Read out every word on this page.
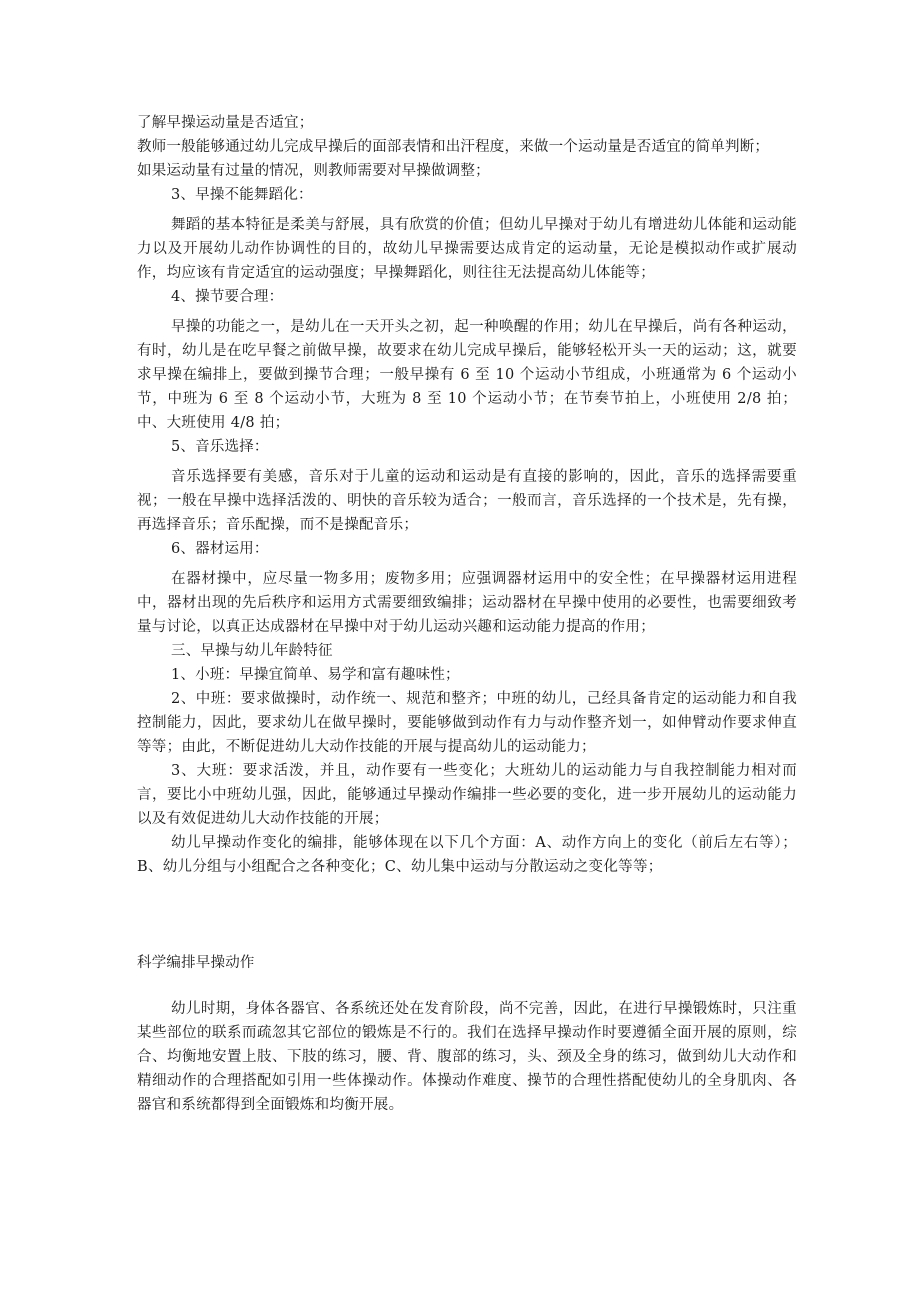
了解早操运动量是否适宜；
教师一般能够通过幼儿完成早操后的面部表情和出汗程度，来做一个运动量是否适宜的简单判断；
如果运动量有过量的情况，则教师需要对早操做调整；
3、早操不能舞蹈化：

舞蹈的基本特征是柔美与舒展，具有欣赏的价值；但幼儿早操对于幼儿有增进幼儿体能和运动能力以及开展幼儿动作协调性的目的，故幼儿早操需要达成肯定的运动量，无论是模拟动作或扩展动作，均应该有肯定适宜的运动强度；早操舞蹈化，则往往无法提高幼儿体能等；

4、操节要合理：

早操的功能之一，是幼儿在一天开头之初，起一种唤醒的作用；幼儿在早操后，尚有各种运动，有时，幼儿是在吃早餐之前做早操，故要求在幼儿完成早操后，能够轻松开头一天的运动；这，就要求早操在编排上，要做到操节合理；一般早操有 6 至 10 个运动小节组成，小班通常为 6 个运动小节，中班为 6 至 8 个运动小节，大班为 8 至 10 个运动小节；在节奏节拍上，小班使用 2/8 拍；中、大班使用 4/8 拍；

5、音乐选择：

音乐选择要有美感，音乐对于儿童的运动和运动是有直接的影响的，因此，音乐的选择需要重视；一般在早操中选择活泼的、明快的音乐较为适合；一般而言，音乐选择的一个技术是，先有操，再选择音乐；音乐配操，而不是操配音乐；

6、器材运用：

在器材操中，应尽量一物多用；废物多用；应强调器材运用中的安全性；在早操器材运用进程中，器材出现的先后秩序和运用方式需要细致编排；运动器材在早操中使用的必要性，也需要细致考量与讨论，以真正达成器材在早操中对于幼儿运动兴趣和运动能力提高的作用；

三、早操与幼儿年龄特征
1、小班：早操宜简单、易学和富有趣味性；

2、中班：要求做操时，动作统一、规范和整齐；中班的幼儿，己经具备肯定的运动能力和自我控制能力，因此，要求幼儿在做早操时，要能够做到动作有力与动作整齐划一，如伸臂动作要求伸直等等；由此，不断促进幼儿大动作技能的开展与提高幼儿的运动能力；

3、大班：要求活泼，并且，动作要有一些变化；大班幼儿的运动能力与自我控制能力相对而言，要比小中班幼儿强，因此，能够通过早操动作编排一些必要的变化，进一步开展幼儿的运动能力以及有效促进幼儿大动作技能的开展；

幼儿早操动作变化的编排，能够体现在以下几个方面：A、动作方向上的变化（前后左右等）；B、幼儿分组与小组配合之各种变化；C、幼儿集中运动与分散运动之变化等等；

科学编排早操动作

幼儿时期，身体各器官、各系统还处在发育阶段，尚不完善，因此，在进行早操锻炼时，只注重某些部位的联系而疏忽其它部位的锻炼是不行的。我们在选择早操动作时要遵循全面开展的原则，综合、均衡地安置上肢、下肢的练习，腰、背、腹部的练习，头、颈及全身的练习，做到幼儿大动作和精细动作的合理搭配如引用一些体操动作。体操动作难度、操节的合理性搭配使幼儿的全身肌肉、各器官和系统都得到全面锻炼和均衡开展。
